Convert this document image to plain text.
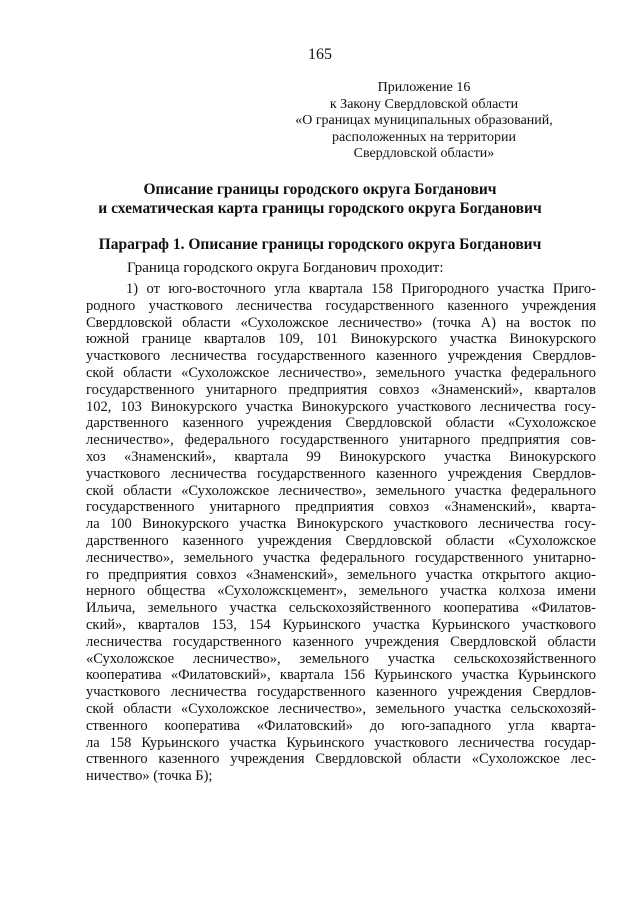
165
Приложение 16
к Закону Свердловской области
«О границах муниципальных образований,
расположенных на территории
Свердловской области»
Описание границы городского округа Богданович
и схематическая карта границы городского округа Богданович
Параграф 1. Описание границы городского округа Богданович
Граница городского округа Богданович проходит:
1) от юго-восточного угла квартала 158 Пригородного участка Приго-
родного участкового лесничества государственного казенного учреждения
Свердловской области «Сухоложское лесничество» (точка А) на восток по
южной границе кварталов 109, 101 Винокурского участка Винокурского
участкового лесничества государственного казенного учреждения Свердлов-
ской области «Сухоложское лесничество», земельного участка федерального
государственного унитарного предприятия совхоз «Знаменский», кварталов
102, 103 Винокурского участка Винокурского участкового лесничества госу-
дарственного казенного учреждения Свердловской области «Сухоложское
лесничество», федерального государственного унитарного предприятия сов-
хоз «Знаменский», квартала 99 Винокурского участка Винокурского
участкового лесничества государственного казенного учреждения Свердлов-
ской области «Сухоложское лесничество», земельного участка федерального
государственного унитарного предприятия совхоз «Знаменский», кварта-
ла 100 Винокурского участка Винокурского участкового лесничества госу-
дарственного казенного учреждения Свердловской области «Сухоложское
лесничество», земельного участка федерального государственного унитарно-
го предприятия совхоз «Знаменский», земельного участка открытого акцио-
нерного общества «Сухоложскцемент», земельного участка колхоза имени
Ильича, земельного участка сельскохозяйственного кооператива «Филатов-
ский», кварталов 153, 154 Курьинского участка Курьинского участкового
лесничества государственного казенного учреждения Свердловской области
«Сухоложское лесничество», земельного участка сельскохозяйственного
кооператива «Филатовский», квартала 156 Курьинского участка Курьинского
участкового лесничества государственного казенного учреждения Свердлов-
ской области «Сухоложское лесничество», земельного участка сельскохозяй-
ственного кооператива «Филатовский» до юго-западного угла кварта-
ла 158 Курьинского участка Курьинского участкового лесничества государ-
ственного казенного учреждения Свердловской области «Сухоложское лес-
ничество» (точка Б);
